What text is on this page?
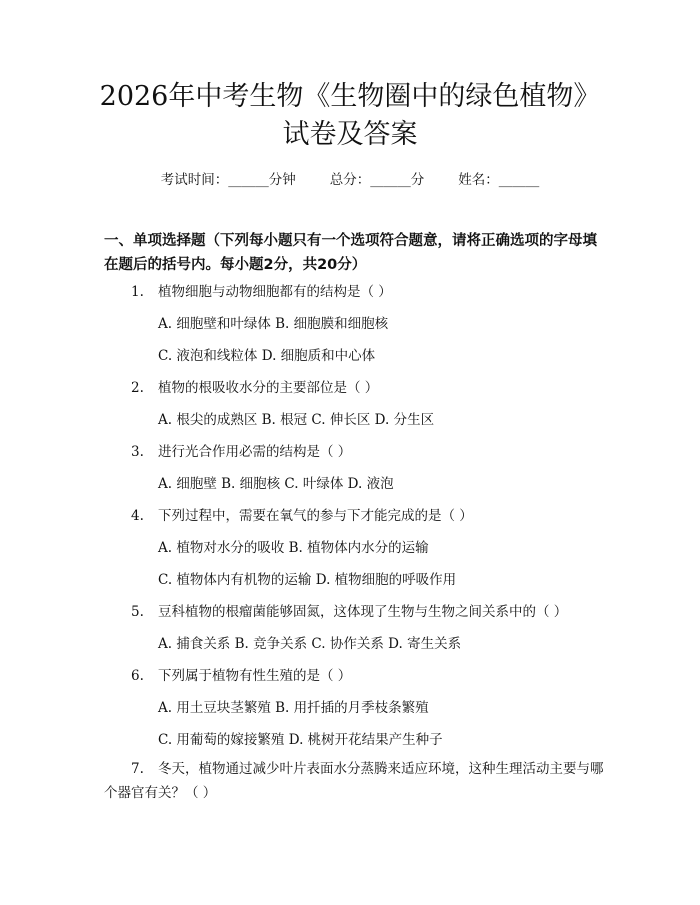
2026年中考生物《生物圈中的绿色植物》试卷及答案
考试时间：______分钟	总分：______分	姓名：______
一、单项选择题（下列每小题只有一个选项符合题意，请将正确选项的字母填在题后的括号内。每小题2分，共20分）
1. 植物细胞与动物细胞都有的结构是（ ）
A. 细胞壁和叶绿体 B. 细胞膜和细胞核
C. 液泡和线粒体 D. 细胞质和中心体
2. 植物的根吸收水分的主要部位是（ ）
A. 根尖的成熟区 B. 根冠 C. 伸长区 D. 分生区
3. 进行光合作用必需的结构是（ ）
A. 细胞壁 B. 细胞核 C. 叶绿体 D. 液泡
4. 下列过程中，需要在氧气的参与下才能完成的是（ ）
A. 植物对水分的吸收 B. 植物体内水分的运输
C. 植物体内有机物的运输 D. 植物细胞的呼吸作用
5. 豆科植物的根瘤菌能够固氮，这体现了生物与生物之间关系中的（ ）
A. 捕食关系 B. 竞争关系 C. 协作关系 D. 寄生关系
6. 下列属于植物有性生殖的是（ ）
A. 用土豆块茎繁殖 B. 用扦插的月季枝条繁殖
C. 用葡萄的嫁接繁殖 D. 桃树开花结果产生种子
7. 冬天，植物通过减少叶片表面水分蒸腾来适应环境，这种生理活动主要与哪个器官有关？（ ）
